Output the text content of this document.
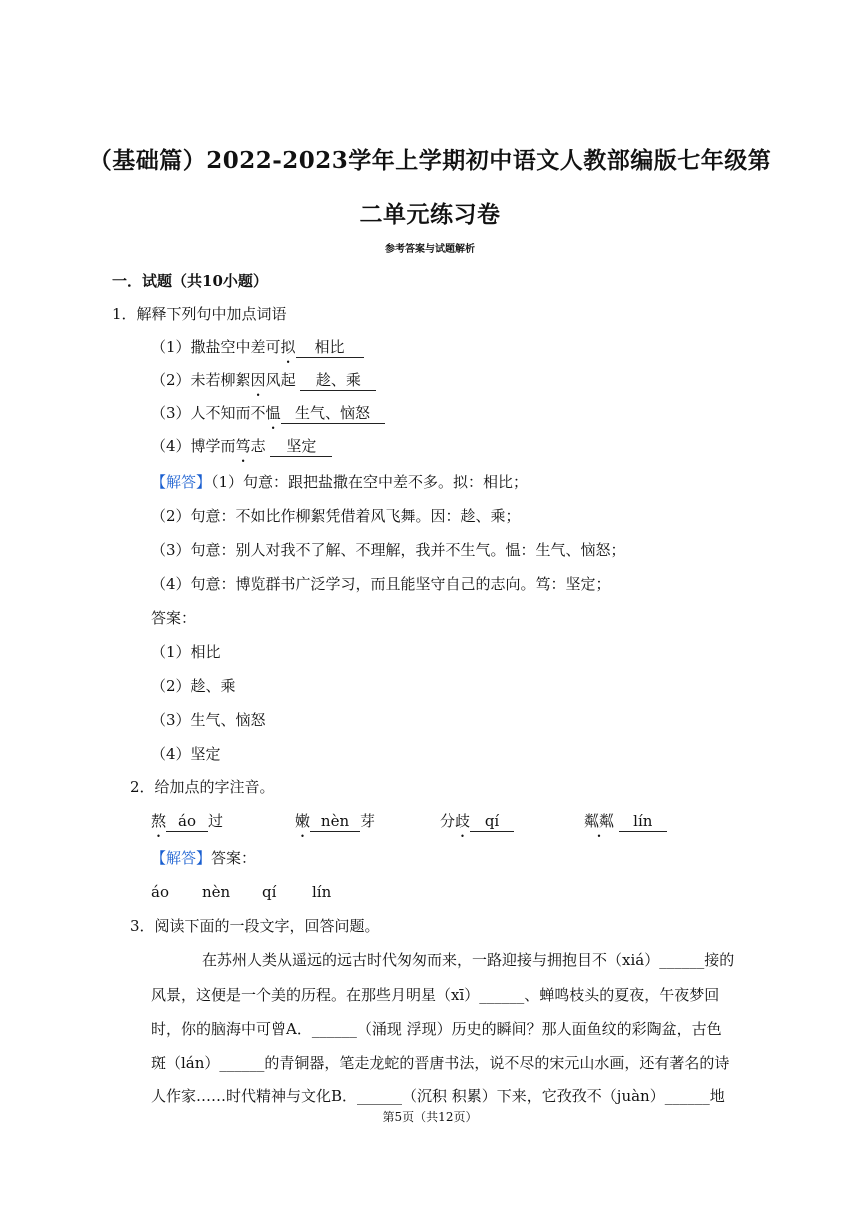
（基础篇）2022-2023学年上学期初中语文人教部编版七年级第
二单元练习卷
参考答案与试题解析
一．试题（共10小题）
1．解释下列句中加点词语
（1）撒盐空中差可拟 相比
（2）未若柳絮因风起 趁、乘
（3）人不知而不愠 生气、恼怒
（4）博学而笃志 坚定
【解答】（1）句意：跟把盐撒在空中差不多。拟：相比；
（2）句意：不如比作柳絮凭借着风飞舞。因：趁、乘；
（3）句意：别人对我不了解、不理解，我并不生气。愠：生气、恼怒；
（4）句意：博览群书广泛学习，而且能坚守自己的志向。笃：坚定；
答案：
（1）相比
（2）趁、乘
（3）生气、恼怒
（4）坚定
2．给加点的字注音。
熬 áo 过	嫩 nèn 芽	分歧 qí	粼粼 lín
【解答】答案：
áo nèn qí lín
3．阅读下面的一段文字，回答问题。
在苏州人类从遥远的远古时代匆匆而来，一路迎接与拥抱目不（xiá）______接的
风景，这便是一个美的历程。在那些月明星（xī）______、蝉鸣枝头的夏夜，午夜梦回
时，你的脑海中可曾A．______（涌现 浮现）历史的瞬间？那人面鱼纹的彩陶盆，古色
斑（lán）______的青铜器，笔走龙蛇的晋唐书法，说不尽的宋元山水画，还有著名的诗
人作家……时代精神与文化B．______（沉积 积累）下来，它孜孜不（juàn）______地
第5页（共12页）
